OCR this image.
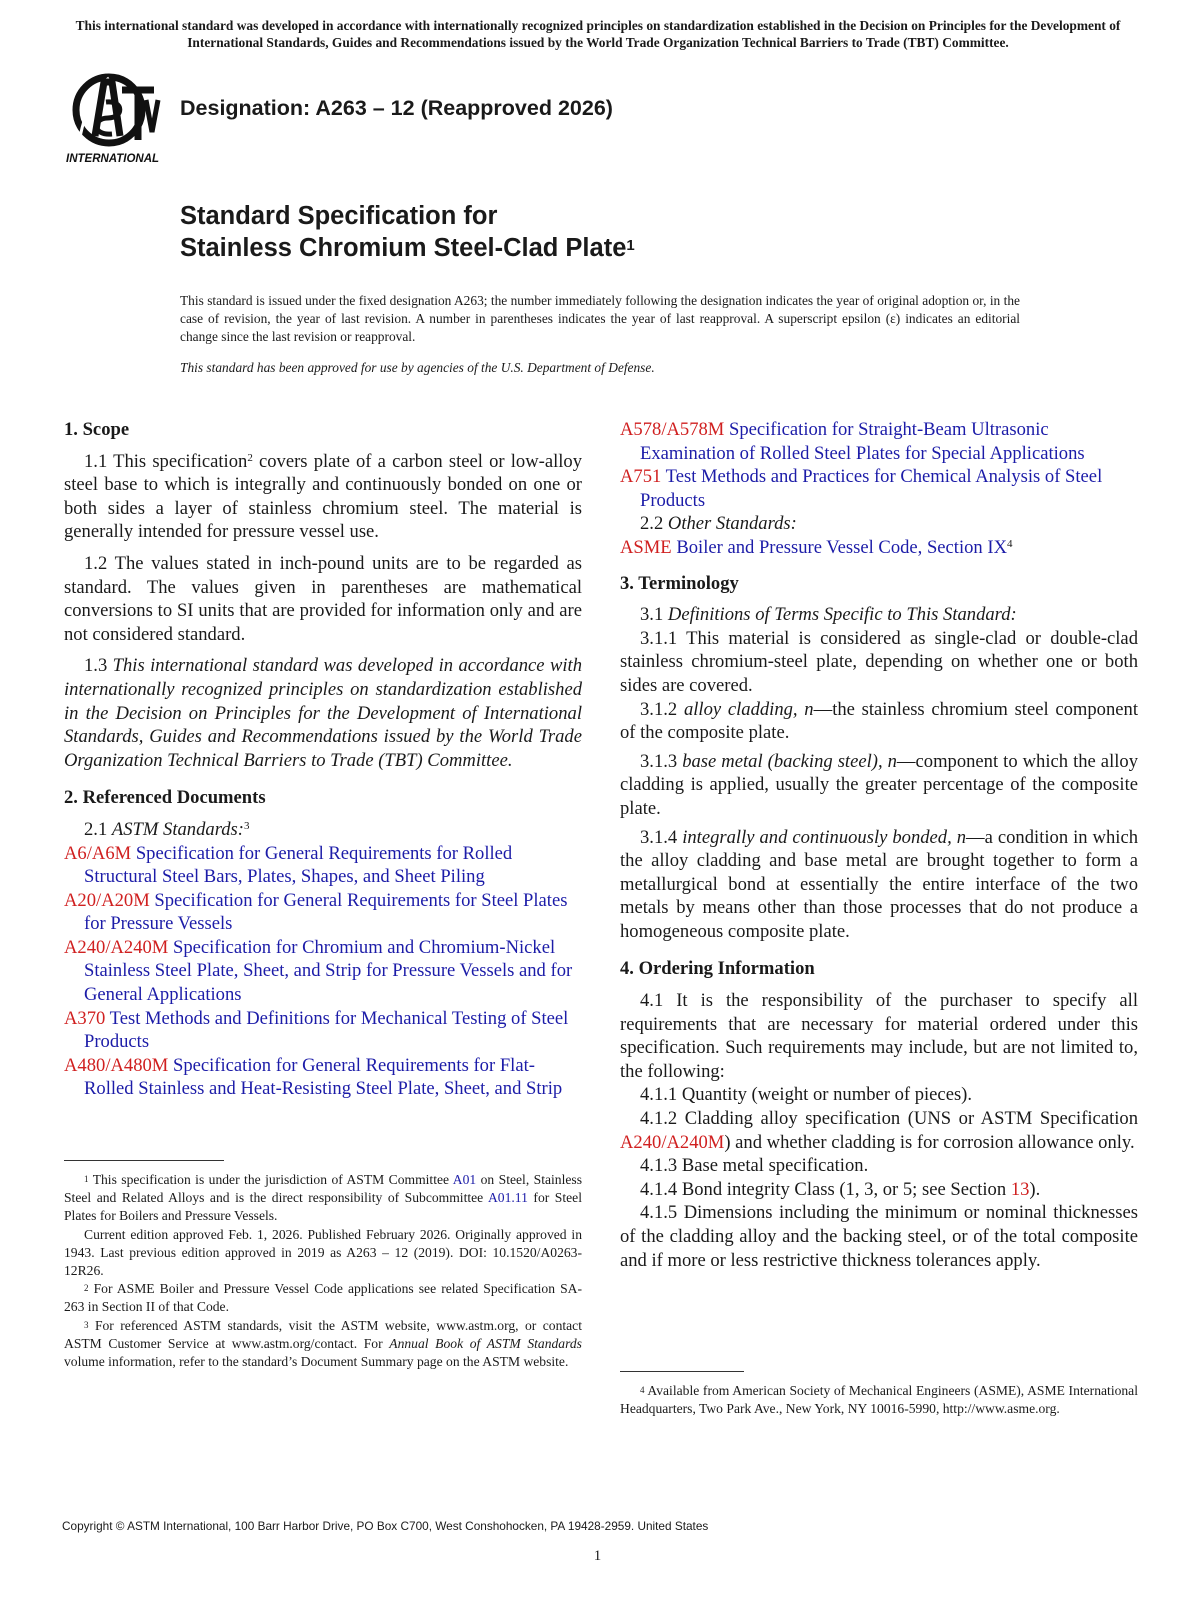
This international standard was developed in accordance with internationally recognized principles on standardization established in the Decision on Principles for the Development of International Standards, Guides and Recommendations issued by the World Trade Organization Technical Barriers to Trade (TBT) Committee.
INTERNATIONAL
Designation: A263 – 12 (Reapproved 2026)
Standard Specification for
Stainless Chromium Steel-Clad Plate$^1$
This standard is issued under the fixed designation A263; the number immediately following the designation indicates the year of original adoption or, in the case of revision, the year of last revision. A number in parentheses indicates the year of last reapproval. A superscript epsilon (ε) indicates an editorial change since the last revision or reapproval.
This standard has been approved for use by agencies of the U.S. Department of Defense.
1. Scope

1.1 This specification$^2$ covers plate of a carbon steel or low-alloy steel base to which is integrally and continuously bonded on one or both sides a layer of stainless chromium steel. The material is generally intended for pressure vessel use.

1.2 The values stated in inch-pound units are to be regarded as standard. The values given in parentheses are mathematical conversions to SI units that are provided for information only and are not considered standard.

1.3 This international standard was developed in accordance with internationally recognized principles on standardization established in the Decision on Principles for the Development of International Standards, Guides and Recommendations issued by the World Trade Organization Technical Barriers to Trade (TBT) Committee.

2. Referenced Documents

2.1 ASTM Standards:$^3$

A6/A6M Specification for General Requirements for Rolled Structural Steel Bars, Plates, Shapes, and Sheet Piling

A20/A20M Specification for General Requirements for Steel Plates for Pressure Vessels

A240/A240M Specification for Chromium and Chromium-Nickel Stainless Steel Plate, Sheet, and Strip for Pressure Vessels and for General Applications

A370 Test Methods and Definitions for Mechanical Testing of Steel Products

A480/A480M Specification for General Requirements for Flat-Rolled Stainless and Heat-Resisting Steel Plate, Sheet, and Strip

$^1$ This specification is under the jurisdiction of ASTM Committee A01 on Steel, Stainless Steel and Related Alloys and is the direct responsibility of Subcommittee A01.11 for Steel Plates for Boilers and Pressure Vessels.

Current edition approved Feb. 1, 2026. Published February 2026. Originally approved in 1943. Last previous edition approved in 2019 as A263 – 12 (2019). DOI: 10.1520/A0263-12R26.

$^2$ For ASME Boiler and Pressure Vessel Code applications see related Specification SA-263 in Section II of that Code.

$^3$ For referenced ASTM standards, visit the ASTM website, www.astm.org, or contact ASTM Customer Service at www.astm.org/contact. For Annual Book of ASTM Standards volume information, refer to the standard’s Document Summary page on the ASTM website.

A578/A578M Specification for Straight-Beam Ultrasonic Examination of Rolled Steel Plates for Special Applications

A751 Test Methods and Practices for Chemical Analysis of Steel Products

2.2 Other Standards:

ASME Boiler and Pressure Vessel Code, Section $IX^4$

3. Terminology

3.1 Definitions of Terms Specific to This Standard:

3.1.1 This material is considered as single-clad or double-clad stainless chromium-steel plate, depending on whether one or both sides are covered.

3.1.2 alloy cladding, n—the stainless chromium steel component of the composite plate.

3.1.3 base metal (backing steel), n—component to which the alloy cladding is applied, usually the greater percentage of the composite plate.

3.1.4 integrally and continuously bonded, n—a condition in which the alloy cladding and base metal are brought together to form a metallurgical bond at essentially the entire interface of the two metals by means other than those processes that do not produce a homogeneous composite plate.

4. Ordering Information

4.1 It is the responsibility of the purchaser to specify all requirements that are necessary for material ordered under this specification. Such requirements may include, but are not limited to, the following:

4.1.1 Quantity (weight or number of pieces).

4.1.2 Cladding alloy specification (UNS or ASTM Specification A240/A240M) and whether cladding is for corrosion allowance only.

4.1.3 Base metal specification.

4.1.4 Bond integrity Class (1, 3, or 5; see Section 13).

4.1.5 Dimensions including the minimum or nominal thicknesses of the cladding alloy and the backing steel, or of the total composite and if more or less restrictive thickness tolerances apply.

$^4$ Available from American Society of Mechanical Engineers (ASME), ASME International Headquarters, Two Park Ave., New York, NY 10016-5990, http://www.asme.org.

Copyright © ASTM International, 100 Barr Harbor Drive, PO Box C700, West Conshohocken, PA 19428-2959. United States
1
